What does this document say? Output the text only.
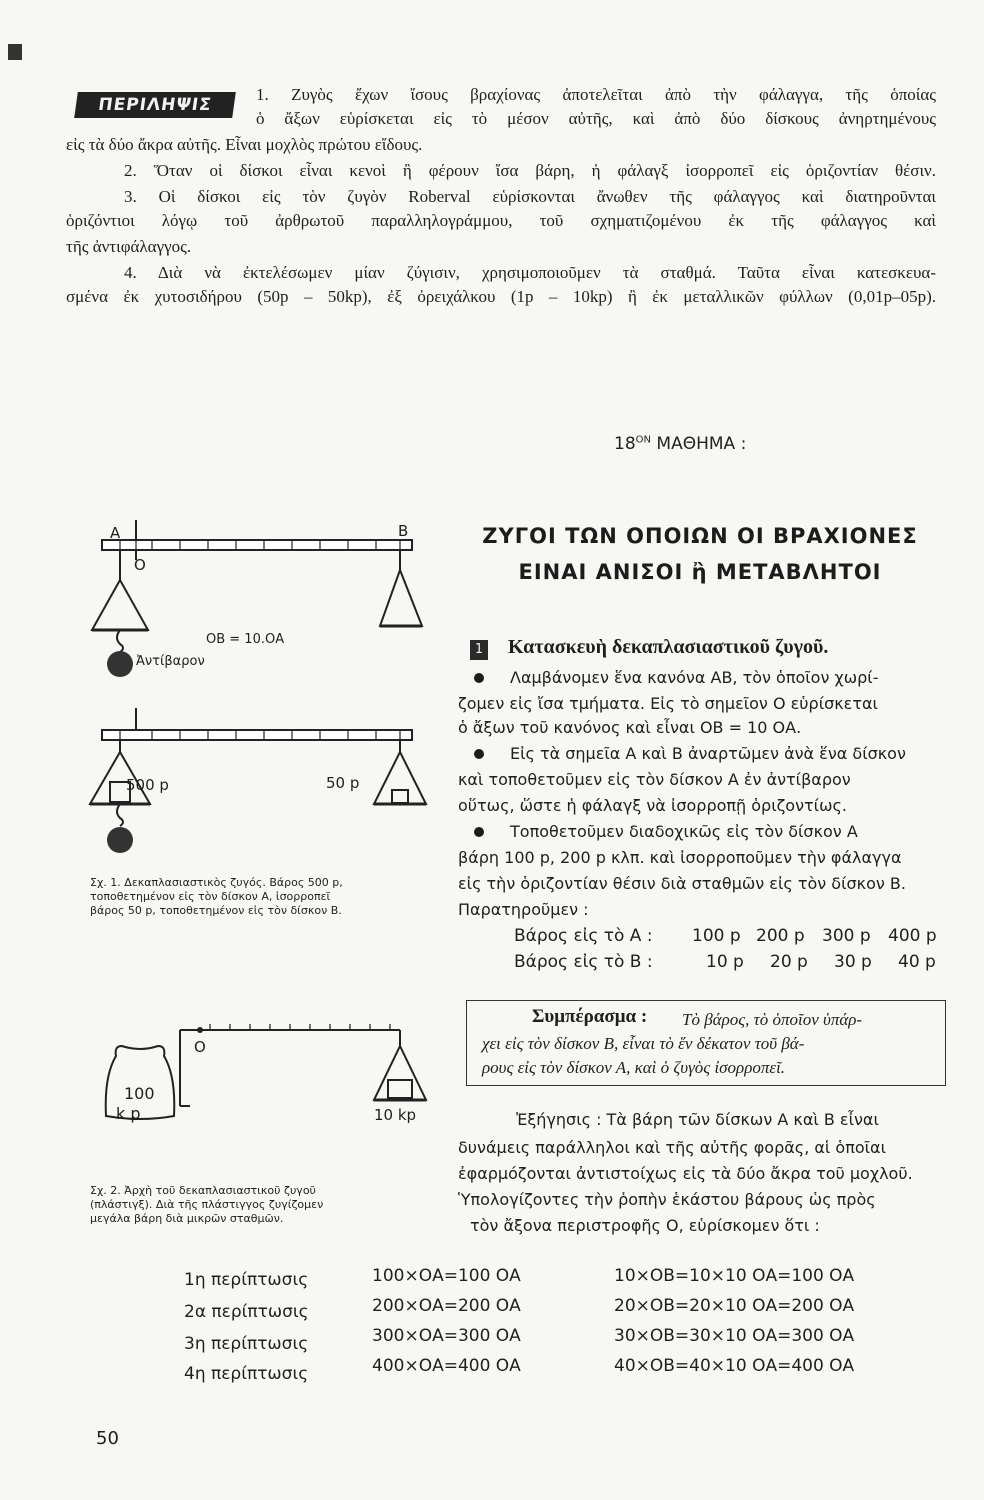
ΠΕΡΙΛΗΨΙΣ
1. Ζυγὸς ἔχων ἴσους βραχίονας ἀποτελεῖται ἀπὸ τὴν φάλαγγα, τῆς ὁποίας
ὁ ἄξων εὑρίσκεται εἰς τὸ μέσον αὐτῆς, καὶ ἀπὸ δύο δίσκους ἀνηρτημένους
εἰς τὰ δύο ἄκρα αὐτῆς. Εἶναι μοχλὸς πρώτου εἴδους.
2. Ὅταν οἱ δίσκοι εἶναι κενοὶ ἢ φέρουν ἴσα βάρη, ἡ φάλαγξ ἰσορροπεῖ εἰς ὁριζοντίαν θέσιν.
3. Οἱ δίσκοι εἰς τὸν ζυγὸν Roberval εὑρίσκονται ἄνωθεν τῆς φάλαγγος καὶ διατηροῦνται
ὁριζόντιοι λόγῳ τοῦ ἀρθρωτοῦ παραλληλογράμμου, τοῦ σχηματιζομένου ἐκ τῆς φάλαγγος καὶ
τῆς ἀντιφάλαγγος.
4. Διὰ νὰ ἐκτελέσωμεν μίαν ζύγισιν, χρησιμοποιοῦμεν τὰ σταθμά. Ταῦτα εἶναι κατεσκευα-
σμένα ἐκ χυτοσιδήρου (50p – 50kp), ἐξ ὀρειχάλκου (1p – 10kp) ἢ ἐκ μεταλλικῶν φύλλων (0,01p–05p).
$18^{ON}$ ΜΑΘΗΜΑ :
ΖΥΓΟΙ ΤΩΝ ΟΠΟΙΩΝ ΟΙ ΒΡΑΧΙΟΝΕΣ
ΕΙΝΑΙ ΑΝΙΣΟΙ ἢ ΜΕΤΑΒΛΗΤΟΙ
1 Κατασκευὴ δεκαπλασιαστικοῦ ζυγοῦ.
Λαμβάνομεν ἕνα κανόνα ΑΒ, τὸν ὁποῖον χωρί-
ζομεν εἰς ἴσα τμήματα. Εἰς τὸ σημεῖον Ο εὑρίσκεται
ὁ ἄξων τοῦ κανόνος καὶ εἶναι ΟΒ = 10 ΟΑ.
Εἰς τὰ σημεῖα Α καὶ Β ἀναρτῶμεν ἀνὰ ἕνα δίσκον
καὶ τοποθετοῦμεν εἰς τὸν δίσκον Α ἐν ἀντίβαρον
οὕτως, ὥστε ἡ φάλαγξ νὰ ἰσορροπῇ ὁριζοντίως.
Τοποθετοῦμεν διαδοχικῶς εἰς τὸν δίσκον Α
βάρη 100 p, 200 p κλπ. καὶ ἰσορροποῦμεν τὴν φάλαγγα
εἰς τὴν ὁριζοντίαν θέσιν διὰ σταθμῶν εἰς τὸν δίσκον Β.
Παρατηροῦμεν :
Βάρος εἰς τὸ Α : 100 p 200 p 300 p 400 p
Βάρος εἰς τὸ Β :	10 p 20 p 30 p 40 p
Συμπέρασμα : Τὸ βάρος, τὸ ὁποῖον ὑπάρ-
χει εἰς τὸν δίσκον Β, εἶναι τὸ ἕν δέκατον τοῦ βά-
ρους εἰς τὸν δίσκον Α, καὶ ὁ ζυγὸς ἰσορροπεῖ.
Ἐξήγησις : Τὰ βάρη τῶν δίσκων Α καὶ Β εἶναι
δυνάμεις παράλληλοι καὶ τῆς αὐτῆς φορᾶς, αἱ ὁποῖαι
ἐφαρμόζονται ἀντιστοίχως εἰς τὰ δύο ἄκρα τοῦ μοχλοῦ.
Ὑπολογίζοντες τὴν ῥοπὴν ἑκάστου βάρους ὡς πρὸς
τὸν ἄξονα περιστροφῆς Ο, εὑρίσκομεν ὅτι :
Α	Β
Ο
ΟΒ = 10.ΟΑ
Ἀντίβαρον
500 p	50 p
Σχ. 1. Δεκαπλασιαστικὸς ζυγός. Βάρος 500 p,
τοποθετημένον εἰς τὸν δίσκον Α, ἰσορροπεῖ
βάρος 50 p, τοποθετημένον εἰς τὸν δίσκον Β.
Ο
100
k p	10 kp
Σχ. 2. Ἀρχὴ τοῦ δεκαπλασιαστικοῦ ζυγοῦ
(πλάστιγξ). Διὰ τῆς πλάστιγγος ζυγίζομεν
μεγάλα βάρη διὰ μικρῶν σταθμῶν.
1η περίπτωσις	100×ΟΑ=100 ΟΑ	10×ΟΒ=10×10 ΟΑ=100 ΟΑ
2α περίπτωσις	200×ΟΑ=200 ΟΑ	20×ΟΒ=20×10 ΟΑ=200 ΟΑ
3η περίπτωσις	300×ΟΑ=300 ΟΑ	30×ΟΒ=30×10 ΟΑ=300 ΟΑ
4η περίπτωσις	400×ΟΑ=400 ΟΑ	40×ΟΒ=40×10 ΟΑ=400 ΟΑ
50
